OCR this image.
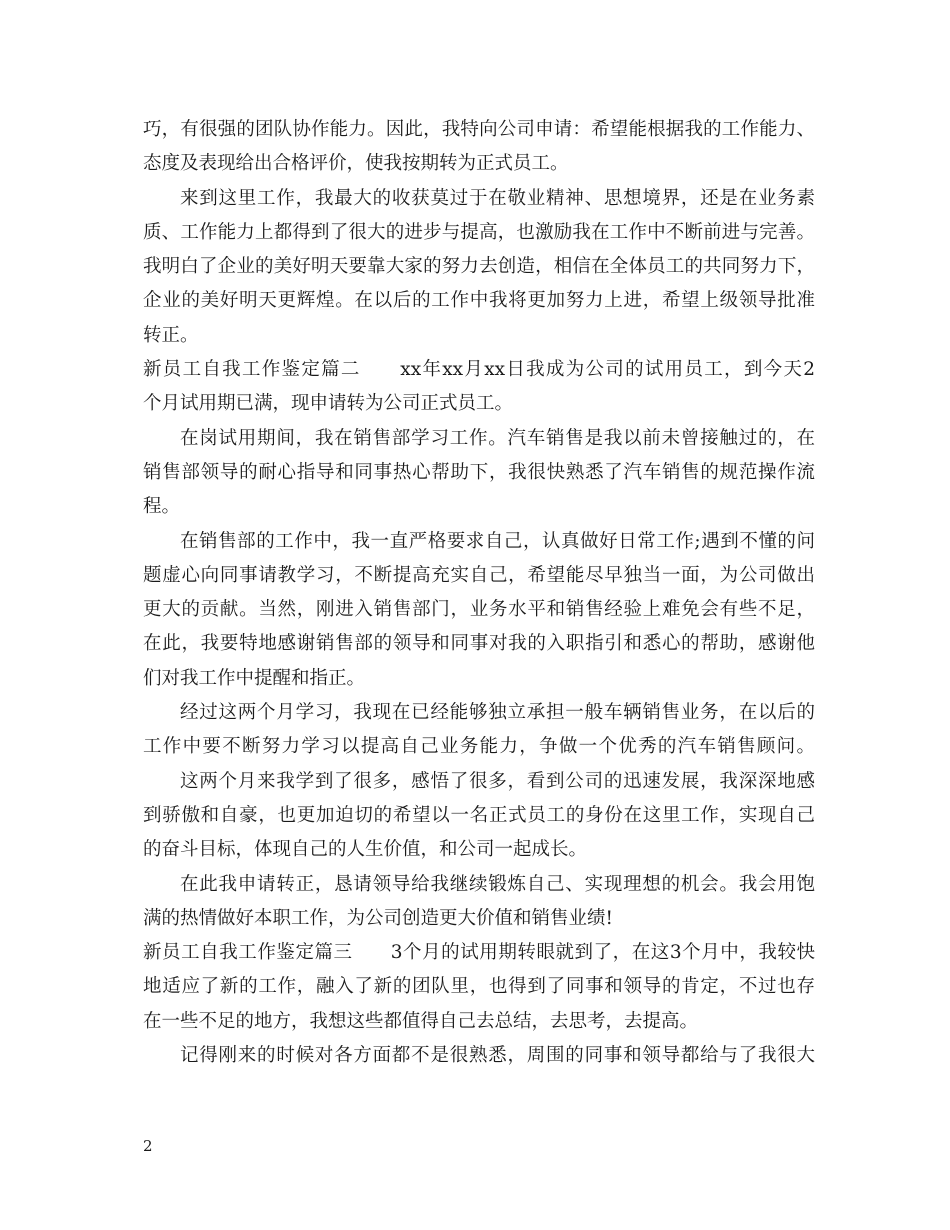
巧，有很强的团队协作能力。因此，我特向公司申请：希望能根据我的工作能力、
态度及表现给出合格评价，使我按期转为正式员工。
来到这里工作，我最大的收获莫过于在敬业精神、思想境界，还是在业务素
质、工作能力上都得到了很大的进步与提高，也激励我在工作中不断前进与完善。
我明白了企业的美好明天要靠大家的努力去创造，相信在全体员工的共同努力下，
企业的美好明天更辉煌。在以后的工作中我将更加努力上进，希望上级领导批准
转正。
新员工自我工作鉴定篇二　　xx年xx月xx日我成为公司的试用员工，到今天2
个月试用期已满，现申请转为公司正式员工。
在岗试用期间，我在销售部学习工作。汽车销售是我以前未曾接触过的，在
销售部领导的耐心指导和同事热心帮助下，我很快熟悉了汽车销售的规范操作流
程。
在销售部的工作中，我一直严格要求自己，认真做好日常工作;遇到不懂的问
题虚心向同事请教学习，不断提高充实自己，希望能尽早独当一面，为公司做出
更大的贡献。当然，刚进入销售部门，业务水平和销售经验上难免会有些不足，
在此，我要特地感谢销售部的领导和同事对我的入职指引和悉心的帮助，感谢他
们对我工作中提醒和指正。
经过这两个月学习，我现在已经能够独立承担一般车辆销售业务，在以后的
工作中要不断努力学习以提高自己业务能力，争做一个优秀的汽车销售顾问。
这两个月来我学到了很多，感悟了很多，看到公司的迅速发展，我深深地感
到骄傲和自豪，也更加迫切的希望以一名正式员工的身份在这里工作，实现自己
的奋斗目标，体现自己的人生价值，和公司一起成长。
在此我申请转正，恳请领导给我继续锻炼自己、实现理想的机会。我会用饱
满的热情做好本职工作，为公司创造更大价值和销售业绩!
新员工自我工作鉴定篇三　　3个月的试用期转眼就到了，在这3个月中，我较快
地适应了新的工作，融入了新的团队里，也得到了同事和领导的肯定，不过也存
在一些不足的地方，我想这些都值得自己去总结，去思考，去提高。
记得刚来的时候对各方面都不是很熟悉，周围的同事和领导都给与了我很大
2
